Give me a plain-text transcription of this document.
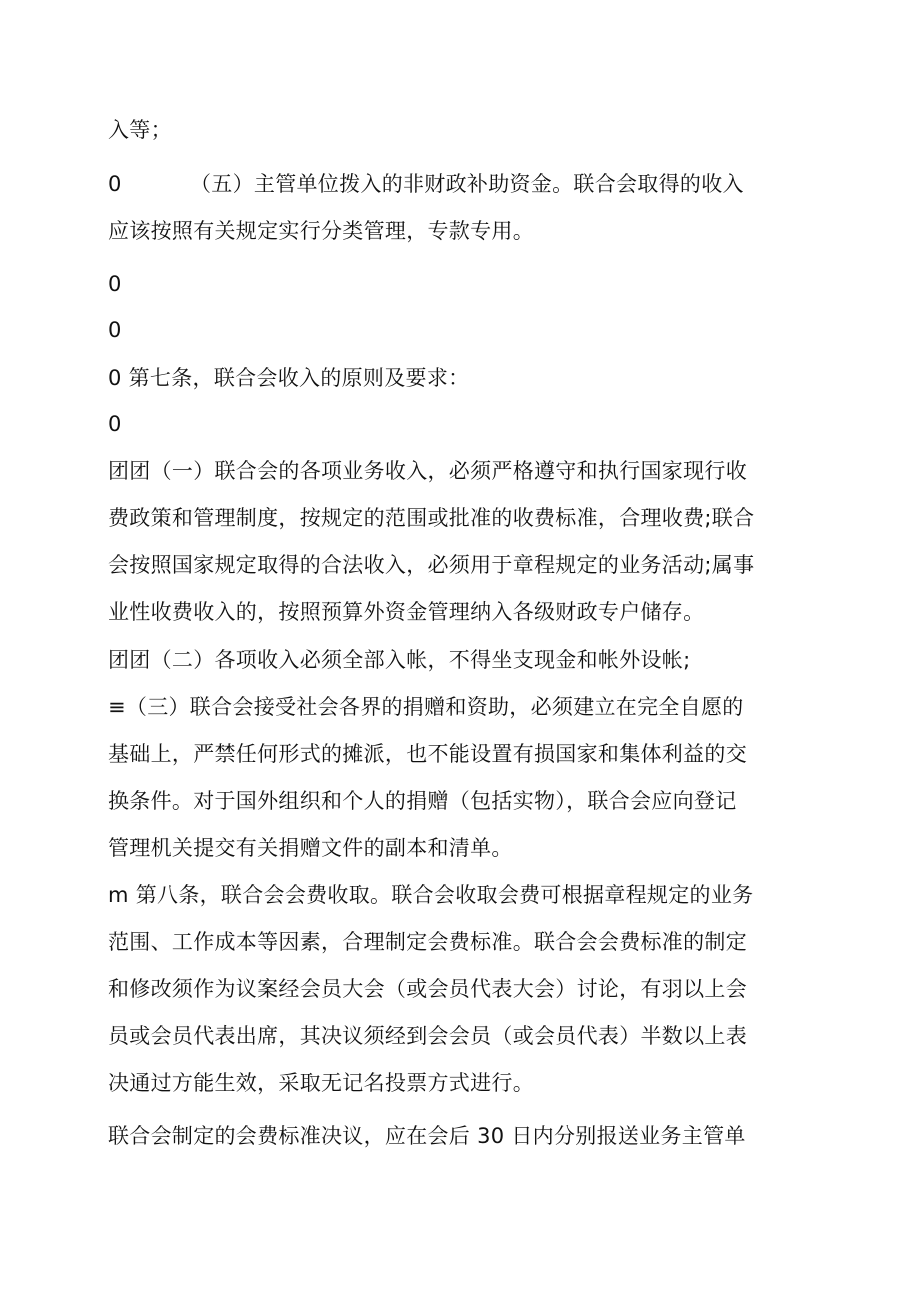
入等；
0	（五）主管单位拨入的非财政补助资金。联合会取得的收入
应该按照有关规定实行分类管理，专款专用。
0
0
0 第七条，联合会收入的原则及要求：
0
团团（一）联合会的各项业务收入，必须严格遵守和执行国家现行收
费政策和管理制度，按规定的范围或批准的收费标准，合理收费;联合
会按照国家规定取得的合法收入，必须用于章程规定的业务活动;属事
业性收费收入的，按照预算外资金管理纳入各级财政专户储存。
团团（二）各项收入必须全部入帐，不得坐支现金和帐外设帐;
≡（三）联合会接受社会各界的捐赠和资助，必须建立在完全自愿的
基础上，严禁任何形式的摊派，也不能设置有损国家和集体利益的交
换条件。对于国外组织和个人的捐赠（包括实物），联合会应向登记
管理机关提交有关捐赠文件的副本和清单。
m 第八条，联合会会费收取。联合会收取会费可根据章程规定的业务
范围、工作成本等因素，合理制定会费标准。联合会会费标准的制定
和修改须作为议案经会员大会（或会员代表大会）讨论，有羽以上会
员或会员代表出席，其决议须经到会会员（或会员代表）半数以上表
决通过方能生效，采取无记名投票方式进行。
联合会制定的会费标准决议，应在会后 30 日内分别报送业务主管单
